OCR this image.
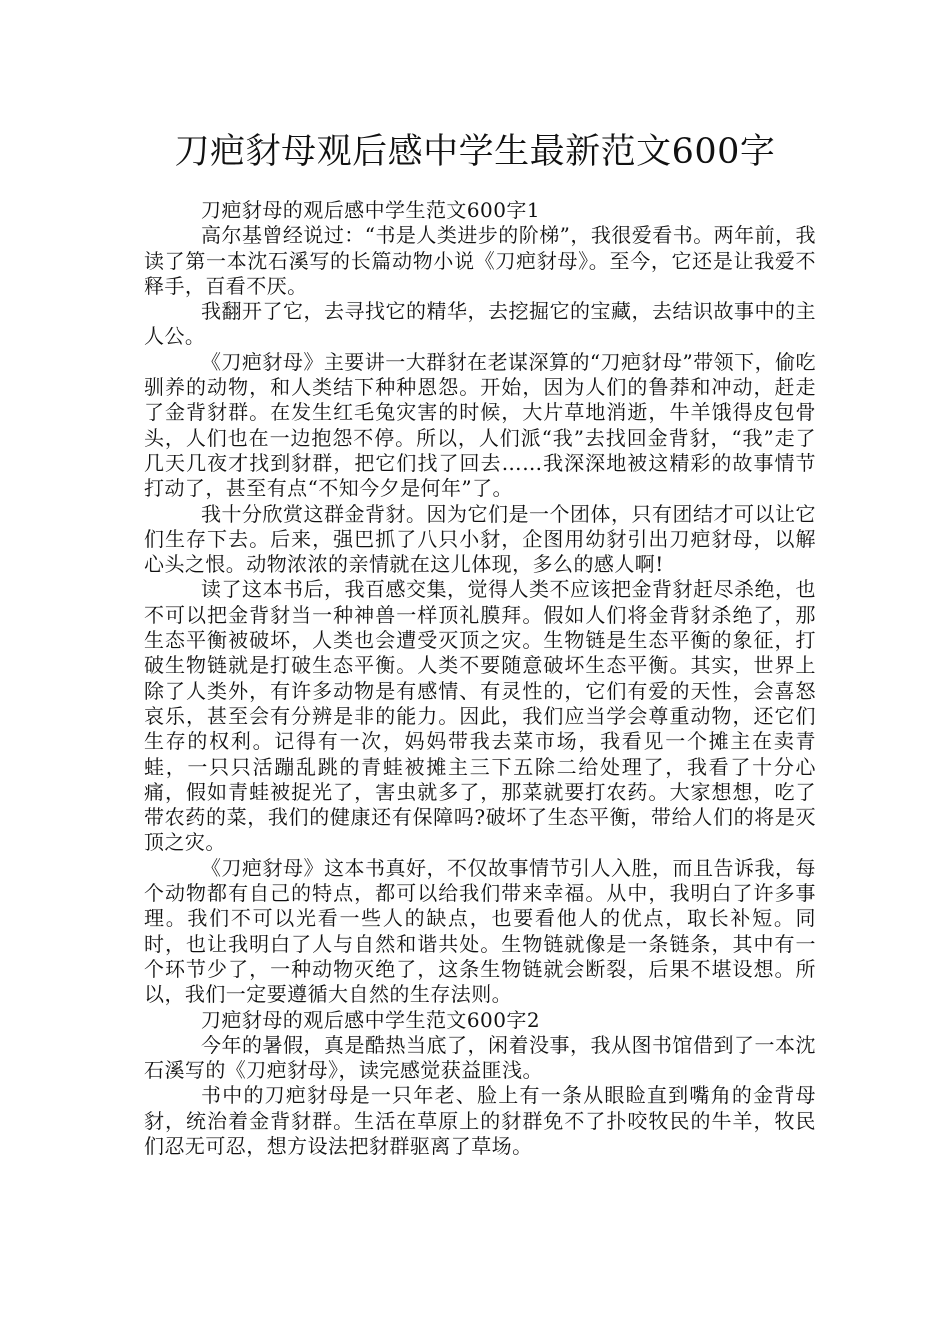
刀疤豺母观后感中学生最新范文600字

刀疤豺母的观后感中学生范文600字1

高尔基曾经说过：“书是人类进步的阶梯”，我很爱看书。两年前，我读了第一本沈石溪写的长篇动物小说《刀疤豺母》。至今，它还是让我爱不释手，百看不厌。

我翻开了它，去寻找它的精华，去挖掘它的宝藏，去结识故事中的主人公。

《刀疤豺母》主要讲一大群豺在老谋深算的“刀疤豺母”带领下，偷吃驯养的动物，和人类结下种种恩怨。开始，因为人们的鲁莽和冲动，赶走了金背豺群。在发生红毛兔灾害的时候，大片草地消逝，牛羊饿得皮包骨头，人们也在一边抱怨不停。所以，人们派“我”去找回金背豺，“我”走了几天几夜才找到豺群，把它们找了回去……我深深地被这精彩的故事情节打动了，甚至有点“不知今夕是何年”了。

我十分欣赏这群金背豺。因为它们是一个团体，只有团结才可以让它们生存下去。后来，强巴抓了八只小豺，企图用幼豺引出刀疤豺母，以解心头之恨。动物浓浓的亲情就在这儿体现，多么的感人啊!

读了这本书后，我百感交集，觉得人类不应该把金背豺赶尽杀绝，也不可以把金背豺当一种神兽一样顶礼膜拜。假如人们将金背豺杀绝了，那生态平衡被破坏，人类也会遭受灭顶之灾。生物链是生态平衡的象征，打破生物链就是打破生态平衡。人类不要随意破坏生态平衡。其实，世界上除了人类外，有许多动物是有感情、有灵性的，它们有爱的天性，会喜怒哀乐，甚至会有分辨是非的能力。因此，我们应当学会尊重动物，还它们生存的权利。记得有一次，妈妈带我去菜市场，我看见一个摊主在卖青蛙，一只只活蹦乱跳的青蛙被摊主三下五除二给处理了，我看了十分心痛，假如青蛙被捉光了，害虫就多了，那菜就要打农药。大家想想，吃了带农药的菜，我们的健康还有保障吗?破坏了生态平衡，带给人们的将是灭顶之灾。

《刀疤豺母》这本书真好，不仅故事情节引人入胜，而且告诉我，每个动物都有自己的特点，都可以给我们带来幸福。从中，我明白了许多事理。我们不可以光看一些人的缺点，也要看他人的优点，取长补短。同时，也让我明白了人与自然和谐共处。生物链就像是一条链条，其中有一个环节少了，一种动物灭绝了，这条生物链就会断裂，后果不堪设想。所以，我们一定要遵循大自然的生存法则。

刀疤豺母的观后感中学生范文600字2

今年的暑假，真是酷热当底了，闲着没事，我从图书馆借到了一本沈石溪写的《刀疤豺母》，读完感觉获益匪浅。

书中的刀疤豺母是一只年老、脸上有一条从眼睑直到嘴角的金背母豺，统治着金背豺群。生活在草原上的豺群免不了扑咬牧民的牛羊，牧民们忍无可忍，想方设法把豺群驱离了草场。
